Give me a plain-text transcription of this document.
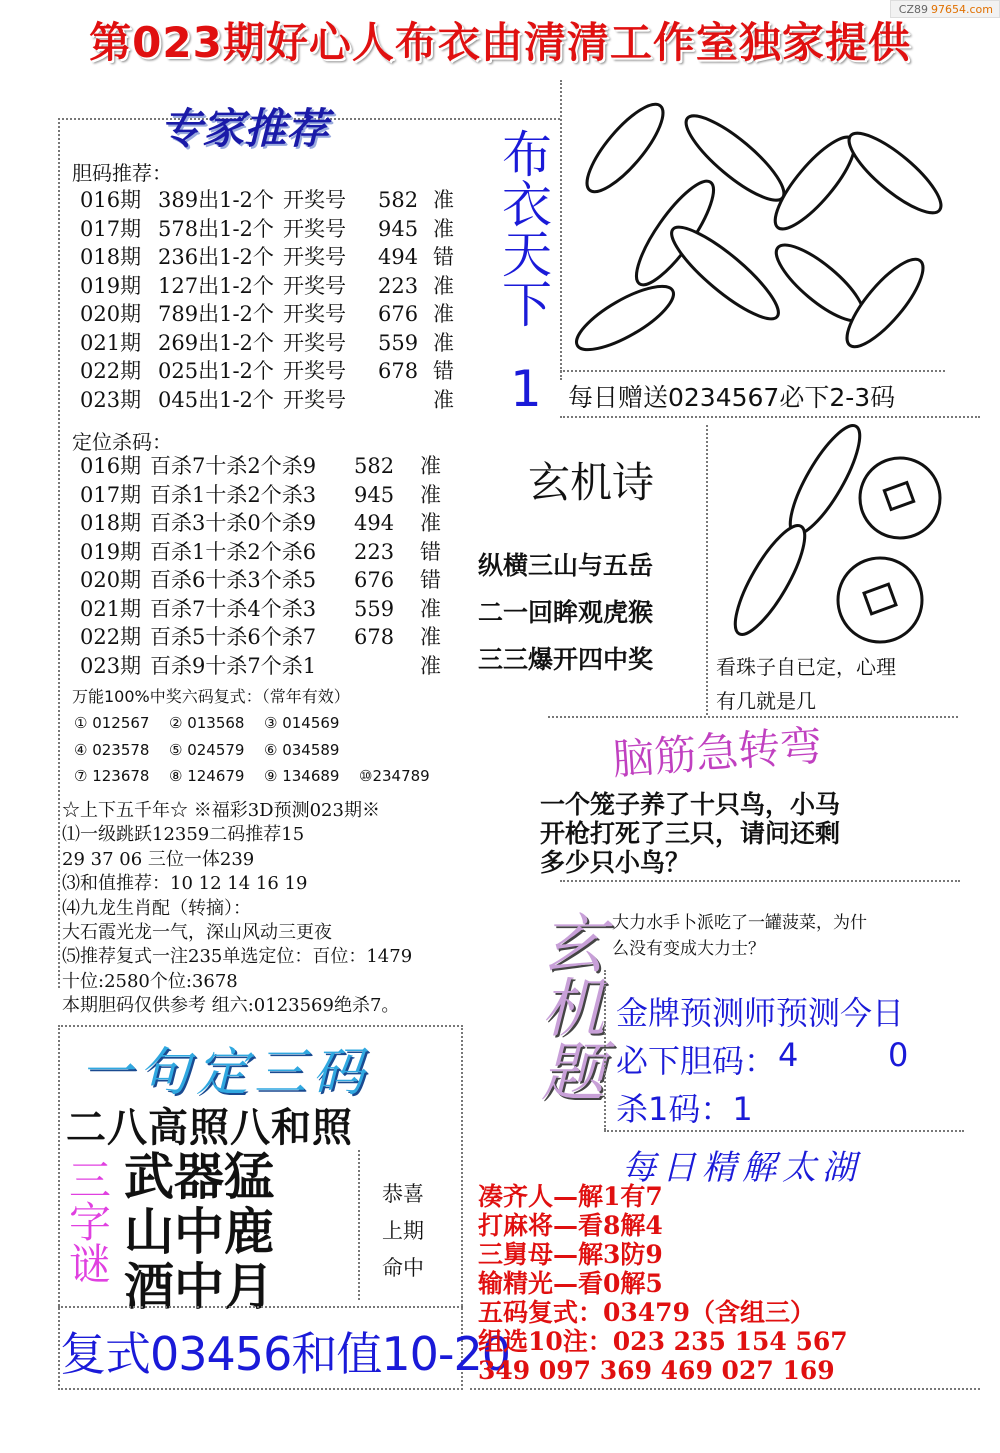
CZ89 97654.com
第023期好心人布衣由清清工作室独家提供
专家推荐
胆码推荐：
016期 389出1-2个 开奖号	582 准
017期 578出1-2个 开奖号	945 准
018期 236出1-2个 开奖号	494 错
019期 127出1-2个 开奖号	223 准
020期 789出1-2个 开奖号	676 准
021期 269出1-2个 开奖号	559 准
022期 025出1-2个 开奖号	678 错
023期 045出1-2个 开奖号	准
定位杀码：
016期 百杀7十杀2个杀9	582	准
017期 百杀1十杀2个杀3	945	准
018期 百杀3十杀0个杀9	494	准
019期 百杀1十杀2个杀6	223	错
020期 百杀6十杀3个杀5	676	错
021期 百杀7十杀4个杀3	559	准
022期 百杀5十杀6个杀7	678	准
023期 百杀9十杀7个杀1	准
万能100%中奖六码复式：（常年有效）
① 012567 ② 013568 ③ 014569
④ 023578 ⑤ 024579 ⑥ 034589
⑦ 123678 ⑧ 124679 ⑨ 134689 ⑩234789
☆上下五千年☆ ※福彩3D预测023期※
⑴一级跳跃12359二码推荐15
29 37 06 三位一体239
⑶和值推荐：10 12 14 16 19
⑷九龙生肖配（转摘）：
大石霞光龙一气，深山风动三更夜
⑸推荐复式一注235单选定位：百位：1479
十位:2580个位:3678
本期胆码仅供参考 组六:0123569绝杀7。
布衣天下
1 每日赠送0234567必下2-3码
玄机诗
纵横三山与五岳
二一回眸观虎猴
三三爆开四中奖	看珠子自已定，心理
有几就是几
脑筋急转弯
一个笼子养了十只鸟，小马
开枪打死了三只，请问还剩
多少只小鸟？
玄机题 大力水手卜派吃了一罐菠菜，为什
么没有变成大力士？
金牌预测师预测今日
必下胆码： 4	0
杀1码：1
一句定三码
二八高照八和照
三字谜 武器猛
山中鹿
酒中月
恭喜
上期
命中
复式03456和值10-20
每日精解太湖
凑齐人—解1有7
打麻将—看8解4
三舅母—解3防9
输精光—看0解5
五码复式：03479（含组三）
组选10注：023 235 154 567
349 097 369 469 027 169
